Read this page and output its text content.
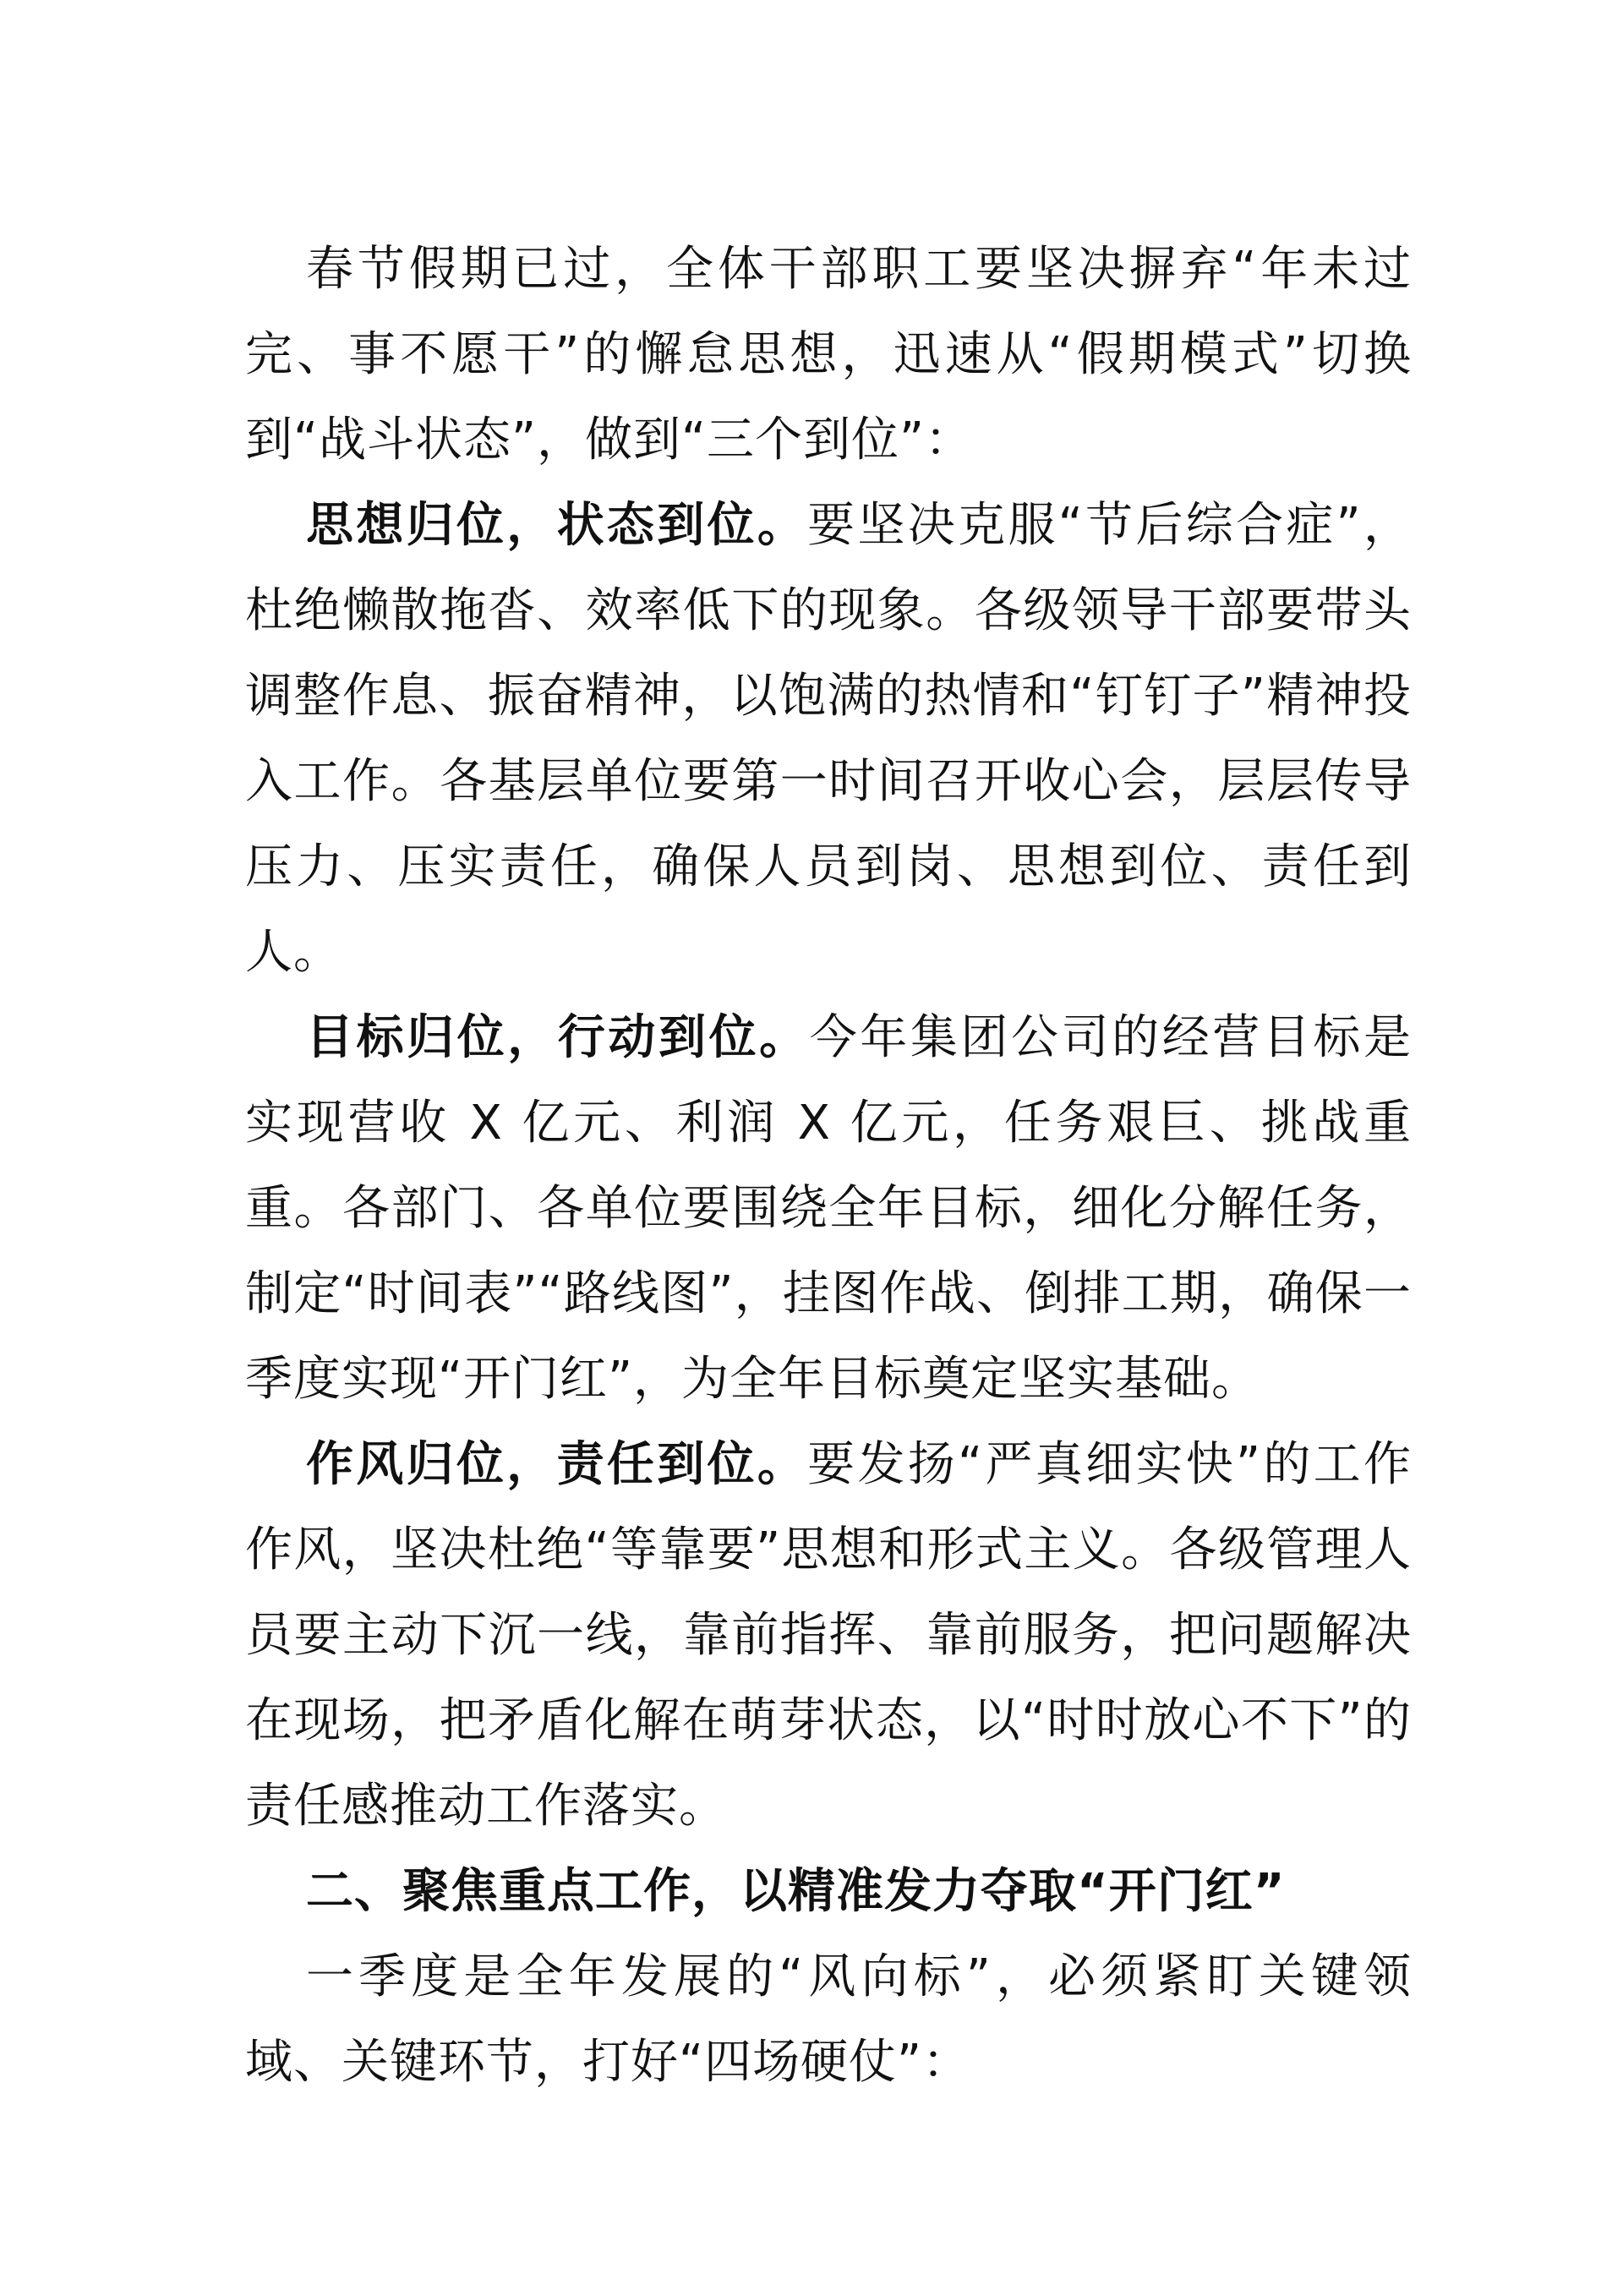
春节假期已过，全体干部职工要坚决摒弃“年未过完、事不愿干”的懈怠思想，迅速从“假期模式”切换到“战斗状态”，做到“三个到位”：

思想归位，状态到位。要坚决克服“节后综合症”，杜绝懒散拖沓、效率低下的现象。各级领导干部要带头调整作息、振奋精神，以饱满的热情和“钉钉子”精神投入工作。各基层单位要第一时间召开收心会，层层传导压力、压实责任，确保人员到岗、思想到位、责任到人。

目标归位，行动到位。今年集团公司的经营目标是实现营收 X 亿元、利润 X 亿元，任务艰巨、挑战重重。各部门、各单位要围绕全年目标，细化分解任务，制定“时间表”“路线图”，挂图作战、倒排工期，确保一季度实现“开门红”，为全年目标奠定坚实基础。

作风归位，责任到位。要发扬“严真细实快”的工作作风，坚决杜绝“等靠要”思想和形式主义。各级管理人员要主动下沉一线，靠前指挥、靠前服务，把问题解决在现场，把矛盾化解在萌芽状态，以“时时放心不下”的责任感推动工作落实。

二、聚焦重点工作，以精准发力夺取“开门红”

一季度是全年发展的“风向标”，必须紧盯关键领域、关键环节，打好“四场硬仗”：
